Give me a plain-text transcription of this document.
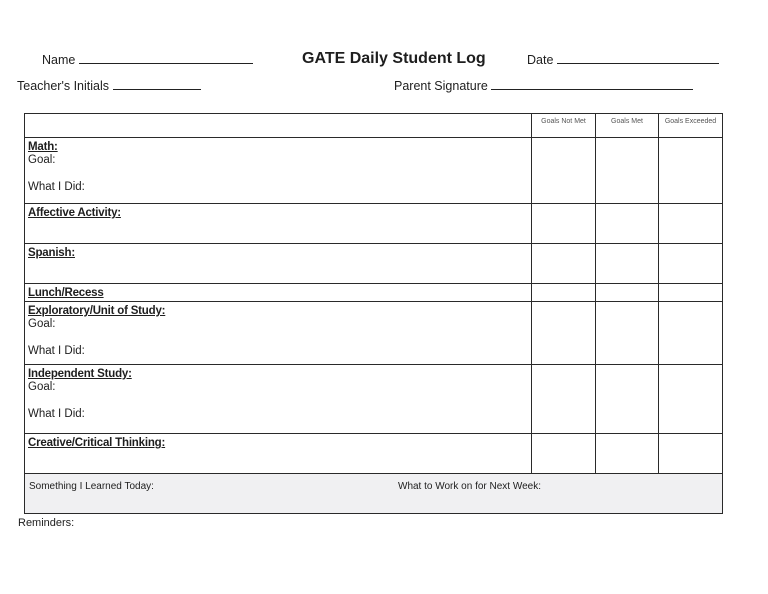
Name	GATE Daily Student Log	Date
Teacher's Initials	Parent Signature
	Goals Not Met	Goals Met	Goals Exceeded

Math:
Goal:
What I Did:			

Affective Activity:			

Spanish:			

Lunch/Recess			

Exploratory/Unit of Study:
Goal:
What I Did:			

Independent Study:
Goal:
What I Did:			

Creative/Critical Thinking:			

Something I Learned Today: What to Work on for Next Week:			
Reminders:
